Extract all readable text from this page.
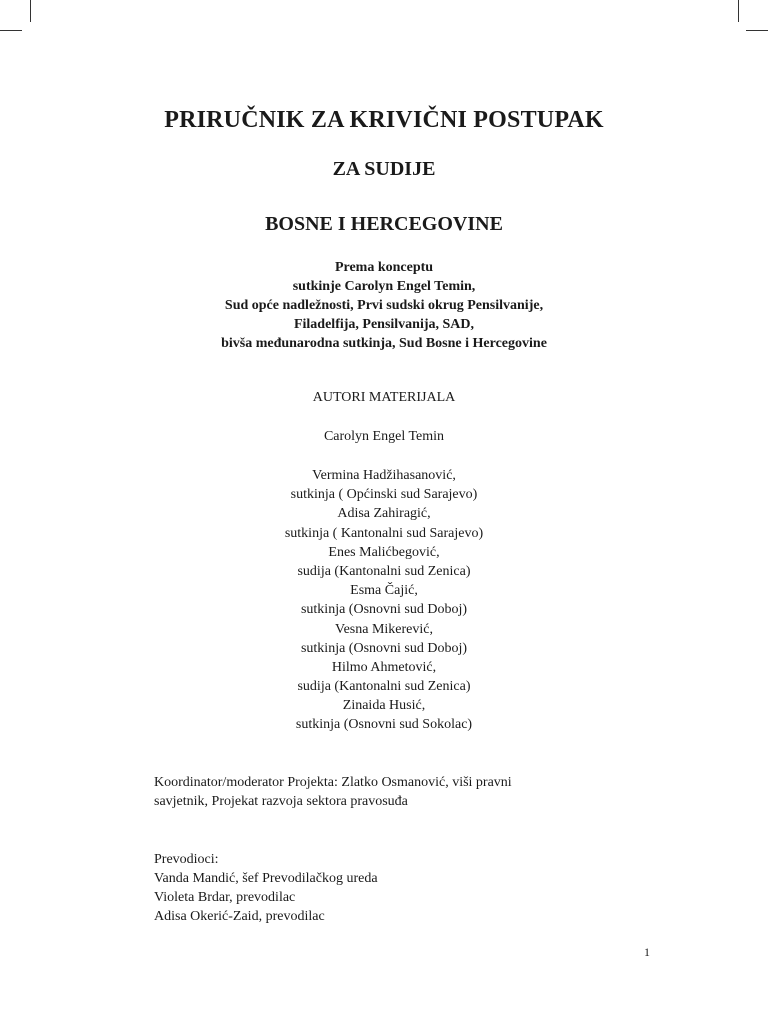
PRIRUČNIK ZA KRIVIČNI POSTUPAK
ZA SUDIJE
BOSNE I HERCEGOVINE
Prema konceptu
sutkinje Carolyn Engel Temin,
Sud opće nadležnosti, Prvi sudski okrug Pensilvanije,
Filadelfija, Pensilvanija, SAD,
bivša međunarodna sutkinja, Sud Bosne i Hercegovine
AUTORI MATERIJALA
Carolyn Engel Temin
Vermina Hadžihasanović,
sutkinja ( Općinski sud Sarajevo)
Adisa Zahiragić,
sutkinja ( Kantonalni sud Sarajevo)
Enes Malićbegović,
sudija (Kantonalni sud Zenica)
Esma Čajić,
sutkinja (Osnovni sud Doboj)
Vesna Mikerević,
sutkinja (Osnovni sud Doboj)
Hilmo Ahmetović,
sudija (Kantonalni sud Zenica)
Zinaida Husić,
sutkinja (Osnovni sud Sokolac)
Koordinator/moderator Projekta: Zlatko Osmanović, viši pravni
savjetnik, Projekat razvoja sektora pravosuđa
Prevodioci:
Vanda Mandić, šef Prevodilačkog ureda
Violeta Brdar, prevodilac
Adisa Okerić-Zaid, prevodilac
1
